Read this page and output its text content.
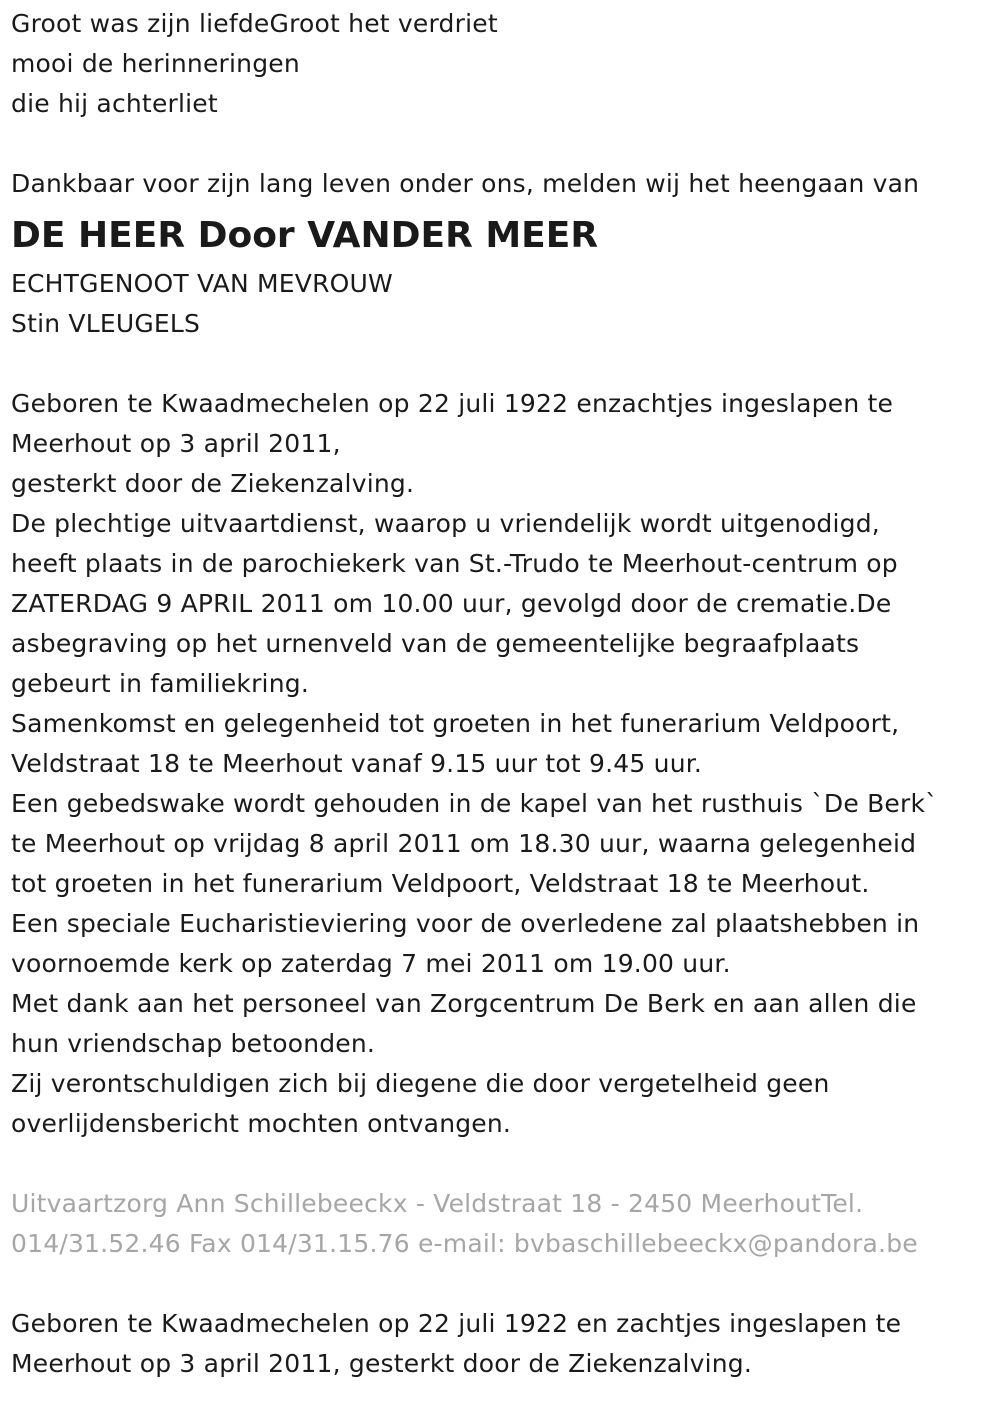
Groot was zijn liefdeGroot het verdriet
mooi de herinneringen
die hij achterliet
Dankbaar voor zijn lang leven onder ons, melden wij het heengaan van
DE HEER Door VANDER MEER
ECHTGENOOT VAN MEVROUW
Stin VLEUGELS
Geboren te Kwaadmechelen op 22 juli 1922 enzachtjes ingeslapen te
Meerhout op 3 april 2011,
gesterkt door de Ziekenzalving.
De plechtige uitvaartdienst, waarop u vriendelijk wordt uitgenodigd,
heeft plaats in de parochiekerk van St.-Trudo te Meerhout-centrum op
ZATERDAG 9 APRIL 2011 om 10.00 uur, gevolgd door de crematie.De
asbegraving op het urnenveld van de gemeentelijke begraafplaats
gebeurt in familiekring.
Samenkomst en gelegenheid tot groeten in het funerarium Veldpoort,
Veldstraat 18 te Meerhout vanaf 9.15 uur tot 9.45 uur.
Een gebedswake wordt gehouden in de kapel van het rusthuis `De Berk`
te Meerhout op vrijdag 8 april 2011 om 18.30 uur, waarna gelegenheid
tot groeten in het funerarium Veldpoort, Veldstraat 18 te Meerhout.
Een speciale Eucharistieviering voor de overledene zal plaatshebben in
voornoemde kerk op zaterdag 7 mei 2011 om 19.00 uur.
Met dank aan het personeel van Zorgcentrum De Berk en aan allen die
hun vriendschap betoonden.
Zij verontschuldigen zich bij diegene die door vergetelheid geen
overlijdensbericht mochten ontvangen.
Uitvaartzorg Ann Schillebeeckx - Veldstraat 18 - 2450 MeerhoutTel.
014/31.52.46 Fax 014/31.15.76 e-mail: bvbaschillebeeckx@pandora.be
Geboren te Kwaadmechelen op 22 juli 1922 en zachtjes ingeslapen te
Meerhout op 3 april 2011, gesterkt door de Ziekenzalving.
